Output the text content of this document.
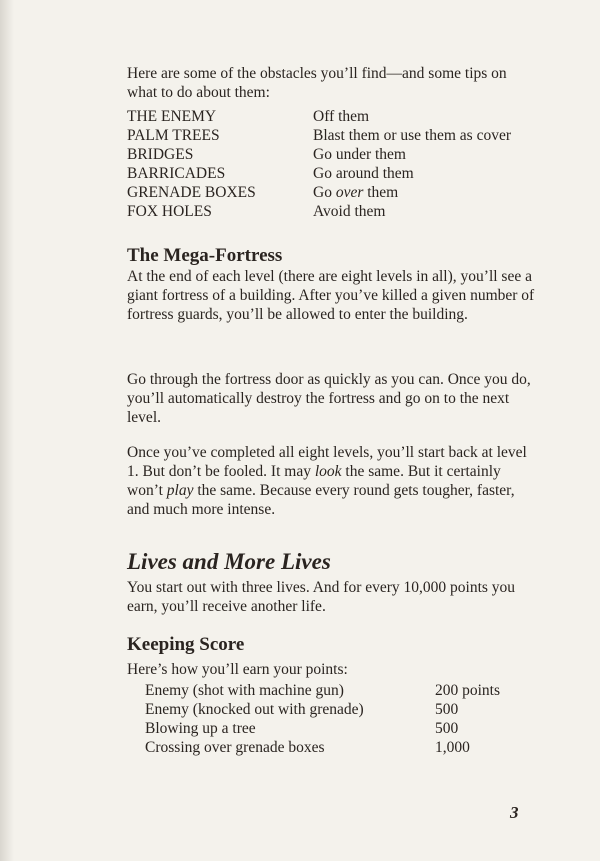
Here are some of the obstacles you’ll find—and some tips on what to do about them:

THE ENEMY	Off them
PALM TREES	Blast them or use them as cover
BRIDGES	Go under them
BARRICADES	Go around them
GRENADE BOXES	Go over them
FOX HOLES	Avoid them
The Mega-Fortress

At the end of each level (there are eight levels in all), you’ll see a giant fortress of a building. After you’ve killed a given number of fortress guards, you’ll be allowed to enter the building.

Go through the fortress door as quickly as you can. Once you do, you’ll automatically destroy the fortress and go on to the next level.

Once you’ve completed all eight levels, you’ll start back at level 1. But don’t be fooled. It may look the same. But it certainly won’t play the same. Because every round gets tougher, faster, and much more intense.

Lives and More Lives

You start out with three lives. And for every 10,000 points you earn, you’ll receive another life.

Keeping Score

Here’s how you’ll earn your points:

Enemy (shot with machine gun)	200 points
Enemy (knocked out with grenade)	500
Blowing up a tree	500
Crossing over grenade boxes	1,000
3
